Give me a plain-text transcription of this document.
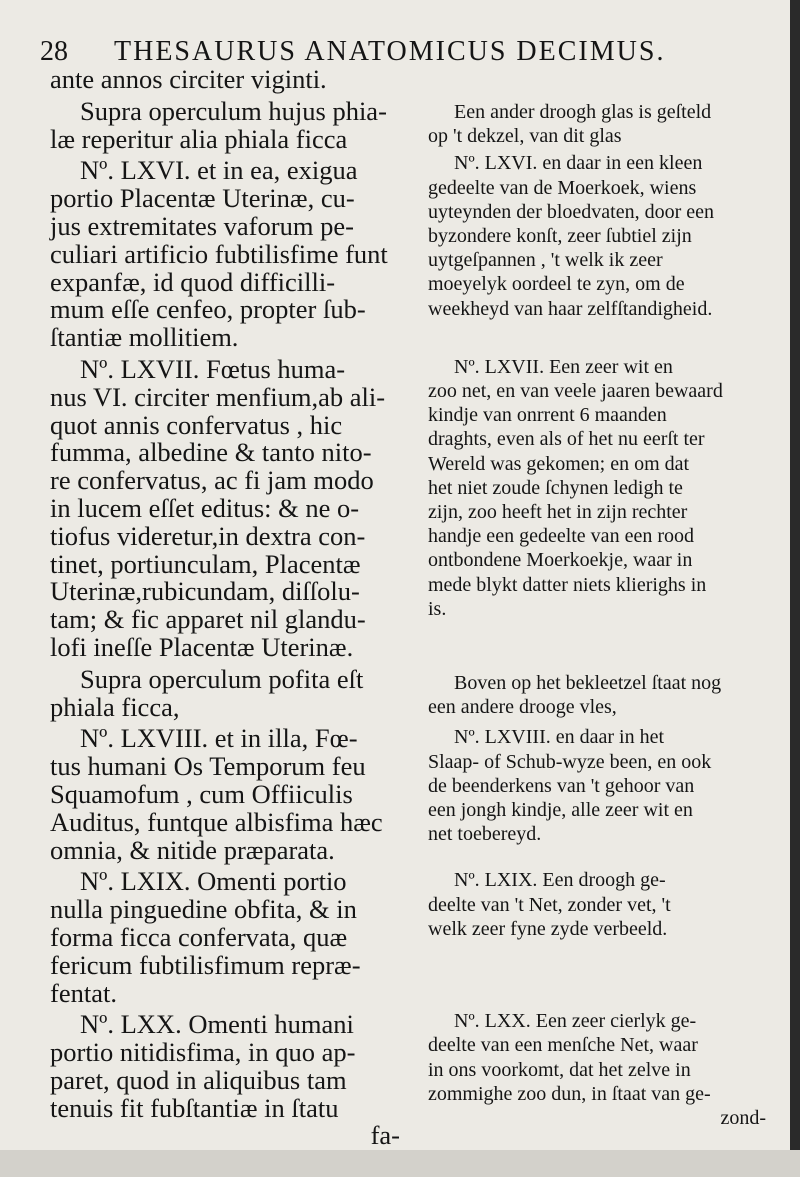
28 THESAURUS ANATOMICUS DECIMUS.

ante annos circiter viginti.

Supra operculum hujus phia-
læ reperitur alia phiala ficca

Nº. LXVI. et in ea, exigua
portio Placentæ Uterinæ, cu-
jus extremitates vaforum pe-
culiari artificio fubtilisfime funt
expanfæ, id quod difficilli-
mum eſſe cenfeo, propter ſub-
ſtantiæ mollitiem.

Nº. LXVII. Fœtus huma-
nus VI. circiter menfium,ab ali-
quot annis confervatus , hic
fumma, albedine & tanto nito-
re confervatus, ac fi jam modo
in lucem eſſet editus: & ne o-
tiofus videretur,in dextra con-
tinet, portiunculam, Placentæ
Uterinæ,rubicundam, diſſolu-
tam; & fic apparet nil glandu-
lofi ineſſe Placentæ Uterinæ.

Supra operculum pofita eſt
phiala ficca,

Nº. LXVIII. et in illa, Fœ-
tus humani Os Temporum feu
Squamofum , cum Offiiculis
Auditus, funtque albisfima hæc
omnia, & nitide præparata.

Nº. LXIX. Omenti portio
nulla pinguedine obfita, & in
forma ficca confervata, quæ
fericum fubtilisfimum repræ-
fentat.

Nº. LXX. Omenti humani
portio nitidisfima, in quo ap-
paret, quod in aliquibus tam
tenuis fit fubſtantiæ in ſtatu

fa-

Een ander droogh glas is geſteld
op 't dekzel, van dit glas

Nº. LXVI. en daar in een kleen
gedeelte van de Moerkoek, wiens
uyteynden der bloedvaten, door een
byzondere konſt, zeer ſubtiel zijn
uytgeſpannen , 't welk ik zeer
moeyelyk oordeel te zyn, om de
weekheyd van haar zelfſtandigheid.

Nº. LXVII. Een zeer wit en
zoo net, en van veele jaaren bewaard
kindje van onrrent 6 maanden
draghts, even als of het nu eerſt ter
Wereld was gekomen; en om dat
het niet zoude ſchynen ledigh te
zijn, zoo heeft het in zijn rechter
handje een gedeelte van een rood
ontbondene Moerkoekje, waar in
mede blykt datter niets klierighs in
is.

Boven op het bekleetzel ſtaat nog
een andere drooge vles,

Nº. LXVIII. en daar in het
Slaap- of Schub-wyze been, en ook
de beenderkens van 't gehoor van
een jongh kindje, alle zeer wit en
net toebereyd.

Nº. LXIX. Een droogh ge-
deelte van 't Net, zonder vet, 't
welk zeer fyne zyde verbeeld.

Nº. LXX. Een zeer cierlyk ge-
deelte van een menſche Net, waar
in ons voorkomt, dat het zelve in
zommighe zoo dun, in ſtaat van ge-

zond-
